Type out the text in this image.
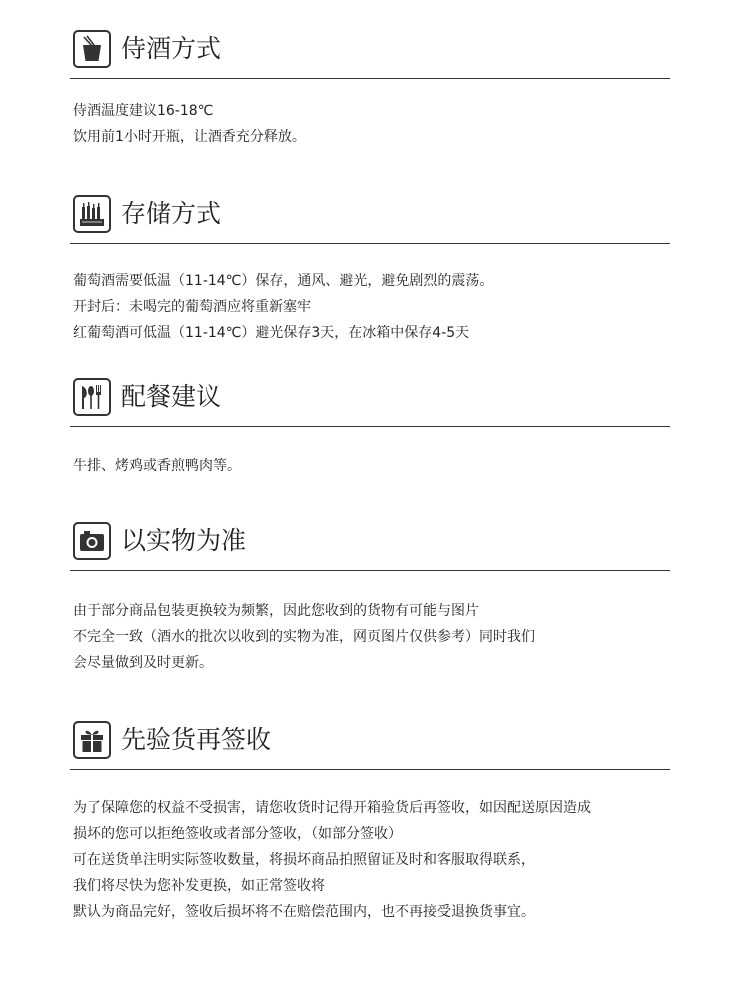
侍酒方式
侍酒温度建议16-18℃
饮用前1小时开瓶，让酒香充分释放。
存储方式
葡萄酒需要低温（11-14℃）保存，通风、避光，避免剧烈的震荡。
开封后：未喝完的葡萄酒应将重新塞牢
红葡萄酒可低温（11-14℃）避光保存3天，在冰箱中保存4-5天
配餐建议
牛排、烤鸡或香煎鸭肉等。
以实物为准
由于部分商品包装更换较为频繁，因此您收到的货物有可能与图片
不完全一致（酒水的批次以收到的实物为准，网页图片仅供参考）同时我们
会尽量做到及时更新。
先验货再签收
为了保障您的权益不受损害，请您收货时记得开箱验货后再签收，如因配送原因造成
损坏的您可以拒绝签收或者部分签收，（如部分签收）
可在送货单注明实际签收数量，将损坏商品拍照留证及时和客服取得联系，
我们将尽快为您补发更换，如正常签收将
默认为商品完好，签收后损坏将不在赔偿范围内，也不再接受退换货事宜。
